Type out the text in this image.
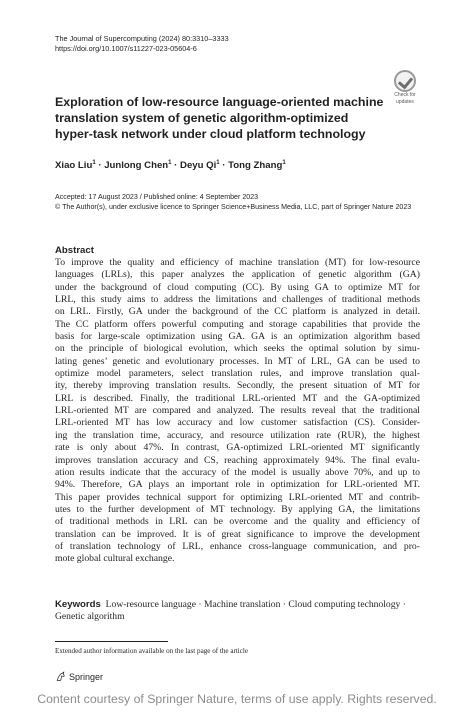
The Journal of Supercomputing (2024) 80:3310–3333
https://doi.org/10.1007/s11227-023-05604-6
Check for
updates
Exploration of low-resource language-oriented machine translation system of genetic algorithm-optimized hyper-task network under cloud platform technology
Xiao Liu$^1$ · Junlong Chen$^1$ · Deyu $Qi^1$ · Tong Zhang$^1$
Accepted: 17 August 2023 / Published online: 4 September 2023
© The Author(s), under exclusive licence to Springer Science+Business Media, LLC, part of Springer Nature 2023
Abstract
To improve the quality and efficiency of machine translation (MT) for low-resource
languages (LRLs), this paper analyzes the application of genetic algorithm (GA)
under the background of cloud computing (CC). By using GA to optimize MT for
LRL, this study aims to address the limitations and challenges of traditional methods
on LRL. Firstly, GA under the background of the CC platform is analyzed in detail.
The CC platform offers powerful computing and storage capabilities that provide the
basis for large-scale optimization using GA. GA is an optimization algorithm based
on the principle of biological evolution, which seeks the optimal solution by simu-
lating genes’ genetic and evolutionary processes. In MT of LRL, GA can be used to
optimize model parameters, select translation rules, and improve translation qual-
ity, thereby improving translation results. Secondly, the present situation of MT for
LRL is described. Finally, the traditional LRL-oriented MT and the GA-optimized
LRL-oriented MT are compared and analyzed. The results reveal that the traditional
LRL-oriented MT has low accuracy and low customer satisfaction (CS). Consider-
ing the translation time, accuracy, and resource utilization rate (RUR), the highest
rate is only about 47%. In contrast, GA-optimized LRL-oriented MT significantly
improves translation accuracy and CS, reaching approximately 94%. The final evalu-
ation results indicate that the accuracy of the model is usually above 70%, and up to
94%. Therefore, GA plays an important role in optimization for LRL-oriented MT.
This paper provides technical support for optimizing LRL-oriented MT and contrib-
utes to the further development of MT technology. By applying GA, the limitations
of traditional methods in LRL can be overcome and the quality and efficiency of
translation can be improved. It is of great significance to improve the development
of translation technology of LRL, enhance cross-language communication, and pro-
mote global cultural exchange.
Keywords Low-resource language · Machine translation · Cloud computing technology · Genetic algorithm
Extended author information available on the last page of the article
Springer
Content courtesy of Springer Nature, terms of use apply. Rights reserved.
